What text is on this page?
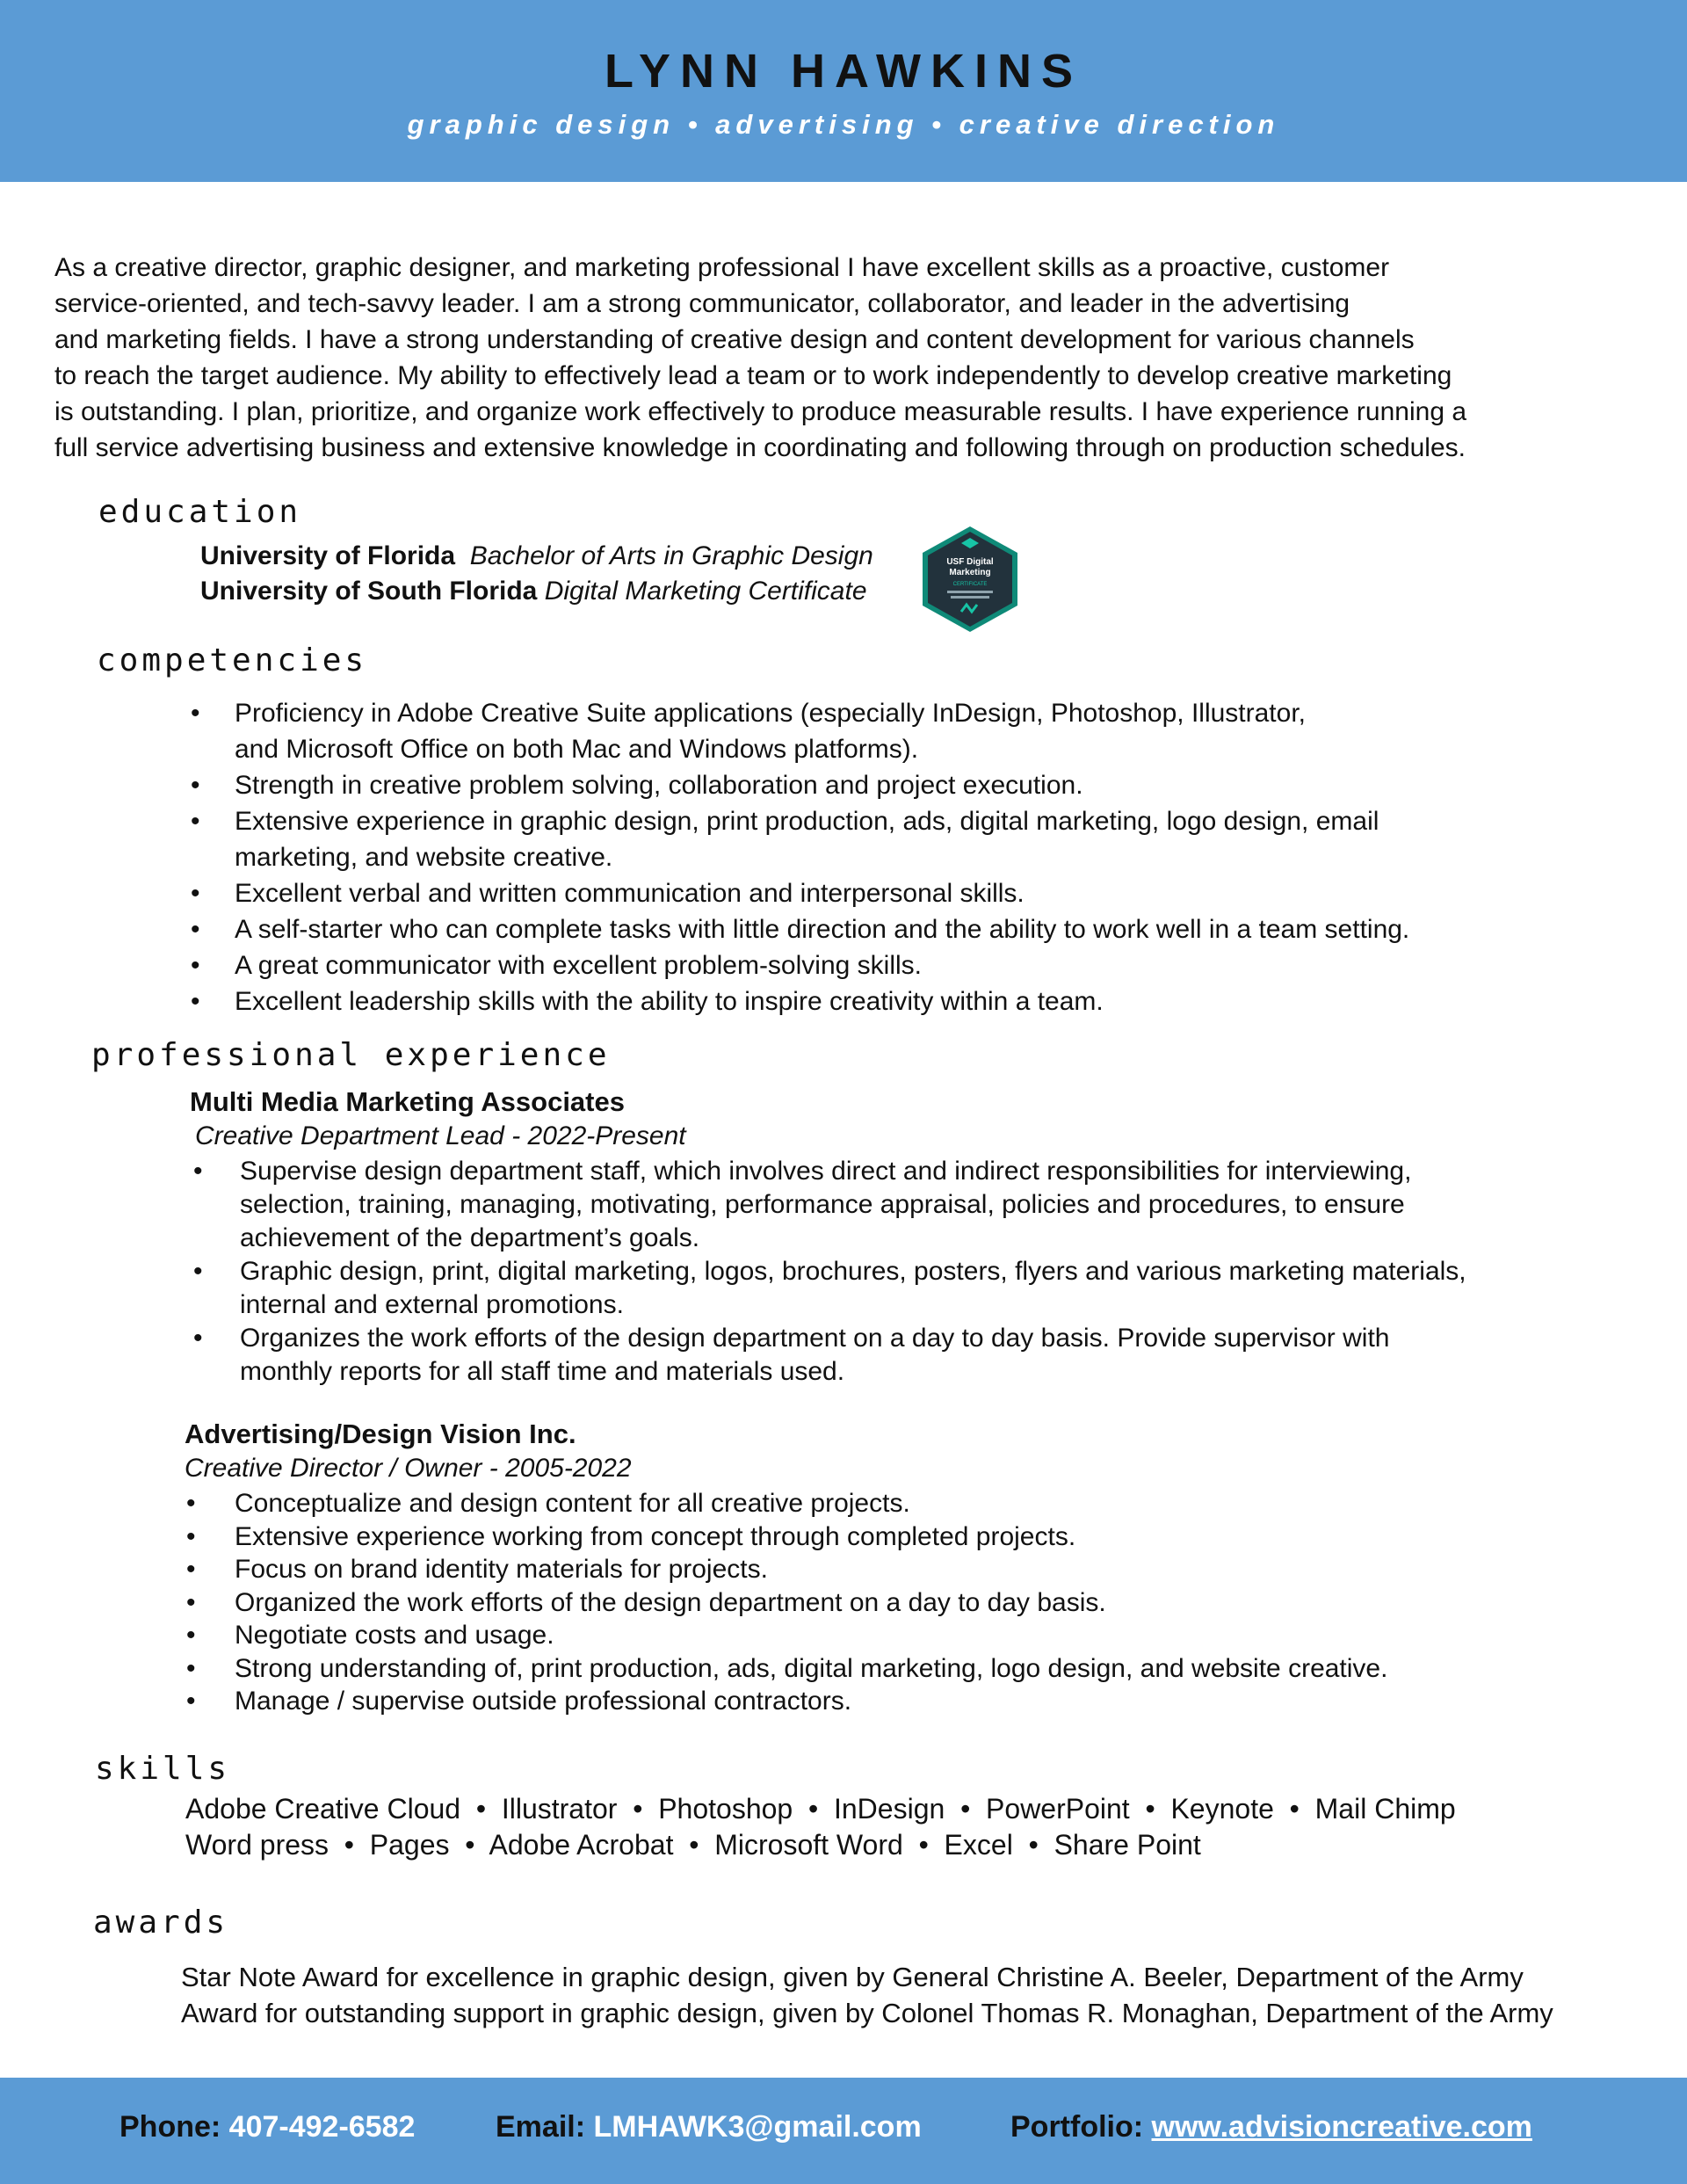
LYNN HAWKINS
graphic design • advertising • creative direction
As a creative director, graphic designer, and marketing professional I have excellent skills as a proactive, customer
service-oriented, and tech-savvy leader. I am a strong communicator, collaborator, and leader in the advertising
and marketing fields. I have a strong understanding of creative design and content development for various channels
to reach the target audience. My ability to effectively lead a team or to work independently to develop creative marketing
is outstanding. I plan, prioritize, and organize work effectively to produce measurable results. I have experience running a
full service advertising business and extensive knowledge in coordinating and following through on production schedules.
education
University of Florida Bachelor of Arts in Graphic Design
University of South Florida Digital Marketing Certificate
USF Digital
Marketing
CERTIFICATE
competencies
• Proficiency in Adobe Creative Suite applications (especially InDesign, Photoshop, Illustrator,
and Microsoft Office on both Mac and Windows platforms).
• Strength in creative problem solving, collaboration and project execution.
• Extensive experience in graphic design, print production, ads, digital marketing, logo design, email
marketing, and website creative.
• Excellent verbal and written communication and interpersonal skills.
• A self-starter who can complete tasks with little direction and the ability to work well in a team setting.
• A great communicator with excellent problem-solving skills.
• Excellent leadership skills with the ability to inspire creativity within a team.
professional experience
Multi Media Marketing Associates
Creative Department Lead - 2022-Present
• Supervise design department staff, which involves direct and indirect responsibilities for interviewing,
selection, training, managing, motivating, performance appraisal, policies and procedures, to ensure
achievement of the department’s goals.
• Graphic design, print, digital marketing, logos, brochures, posters, flyers and various marketing materials,
internal and external promotions.
• Organizes the work efforts of the design department on a day to day basis. Provide supervisor with
monthly reports for all staff time and materials used.
Advertising/Design Vision Inc.
Creative Director / Owner - 2005-2022
• Conceptualize and design content for all creative projects.
• Extensive experience working from concept through completed projects.
• Focus on brand identity materials for projects.
• Organized the work efforts of the design department on a day to day basis.
• Negotiate costs and usage.
• Strong understanding of, print production, ads, digital marketing, logo design, and website creative.
• Manage / supervise outside professional contractors.
skills
Adobe Creative Cloud  •  Illustrator  •  Photoshop  •  InDesign  •  PowerPoint  •  Keynote  •  Mail Chimp
Word press  •  Pages  •  Adobe Acrobat  •  Microsoft Word  •  Excel  •  Share Point
awards
Star Note Award for excellence in graphic design, given by General Christine A. Beeler, Department of the Army
Award for outstanding support in graphic design, given by Colonel Thomas R. Monaghan, Department of the Army
Phone: 407-492-6582	Email: LMHAWK3@gmail.com	Portfolio: www.advisioncreative.com
